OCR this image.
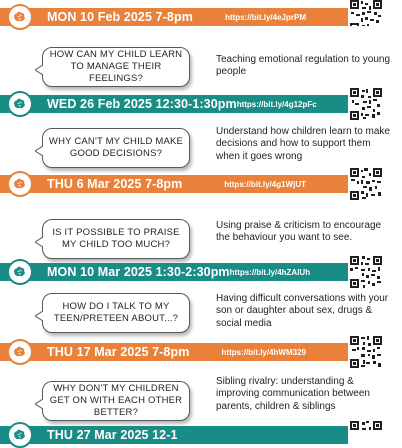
MON 10 Feb 2025 7-8pm	https://bit.ly/4eJprPM
HOW CAN MY CHILD LEARN TO MANAGE THEIR FEELINGS?
Teaching emotional regulation to young people
WED 26 Feb 2025 12:30-1:30pm https://bit.ly/4g12pFc
WHY CAN'T MY CHILD MAKE GOOD DECISIONS?
Understand how children learn to make decisions and how to support them when it goes wrong
THU 6 Mar 2025 7-8pm	https://bit.ly/4g1WjUT
IS IT POSSIBLE TO PRAISE MY CHILD TOO MUCH?
Using praise & criticism to encourage the behaviour you want to see.
MON 10 Mar 2025 1:30-2:30pm https://bit.ly/4hZAlUh
HOW DO I TALK TO MY TEEN/PRETEEN ABOUT...?
Having difficult conversations with your son or daughter about sex, drugs & social media
THU 17 Mar 2025 7-8pm	https://bit.ly/4hWM329
WHY DON'T MY CHILDREN GET ON WITH EACH OTHER BETTER?
Sibling rivalry: understanding & improving communication between parents, children & siblings
THU 27 Mar 2025 12-1
